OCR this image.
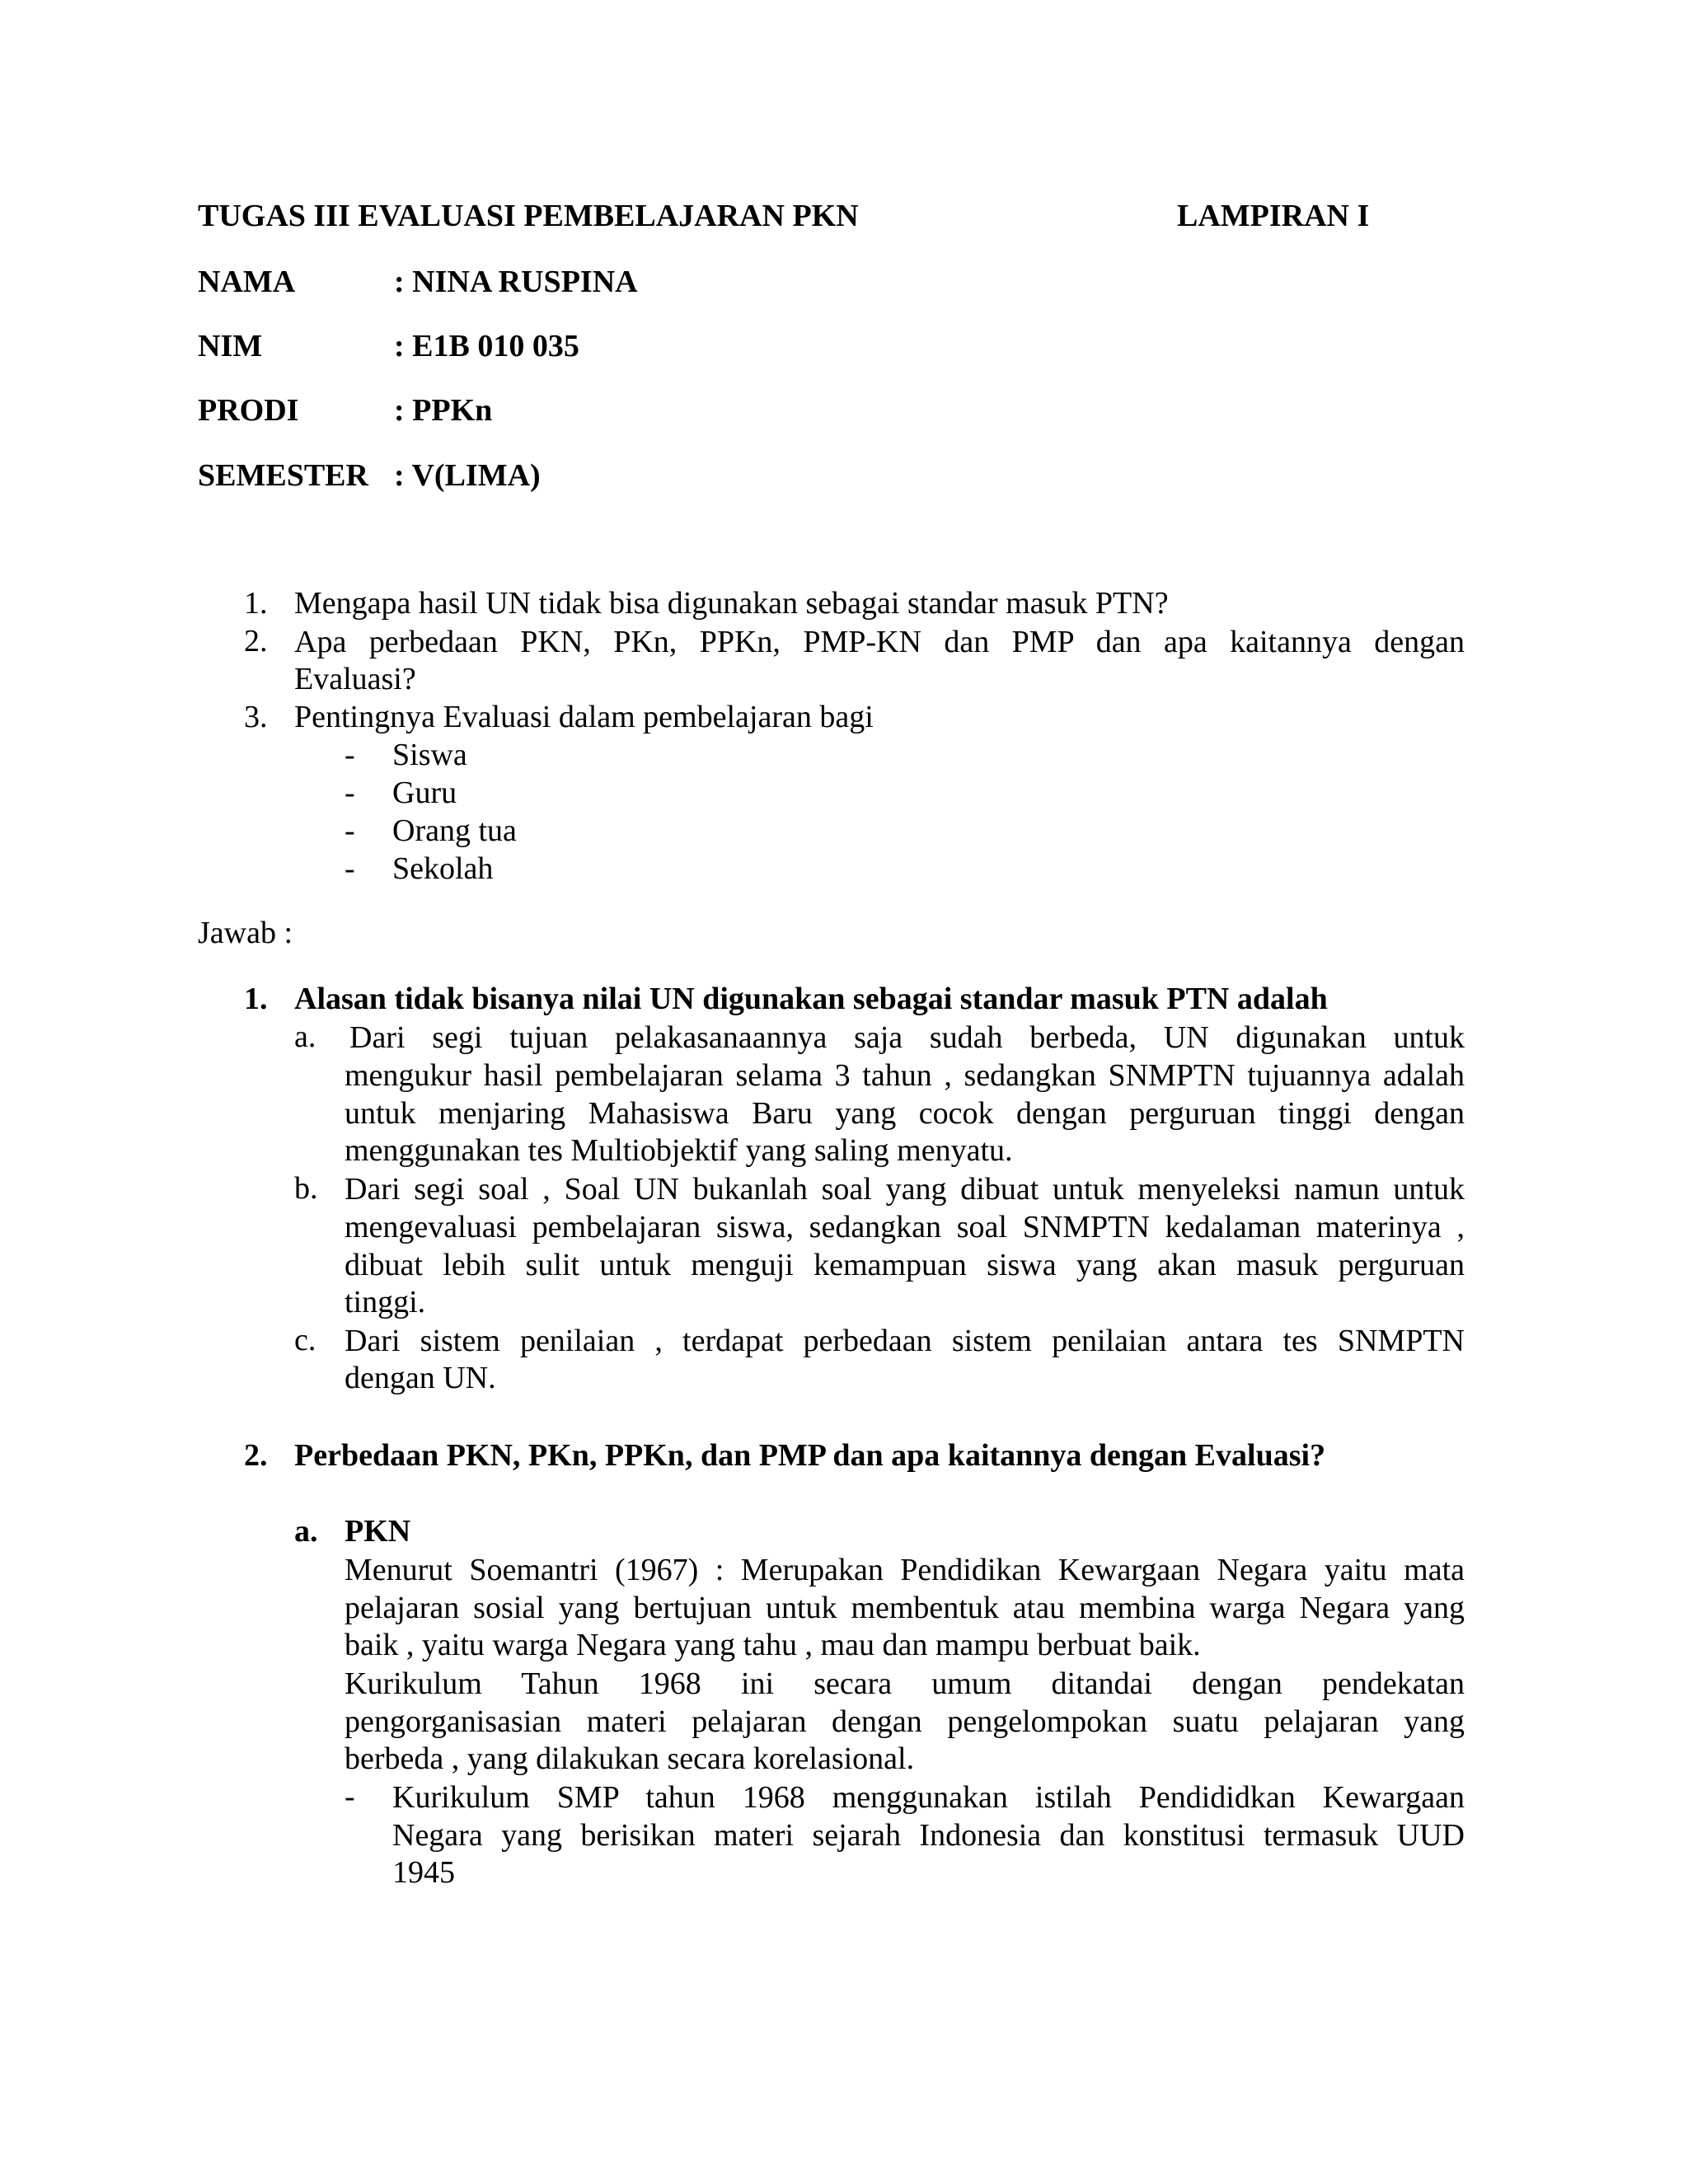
TUGAS III EVALUASI PEMBELAJARAN PKN	LAMPIRAN I
NAMA	: NINA RUSPINA
NIM	: E1B 010 035
PRODI	: PPKn
SEMESTER : V(LIMA)
1. Mengapa hasil UN tidak bisa digunakan sebagai standar masuk PTN?
2. Apa perbedaan PKN, PKn, PPKn, PMP-KN dan PMP dan apa kaitannya dengan
Evaluasi?
3. Pentingnya Evaluasi dalam pembelajaran bagi
- Siswa
- Guru
- Orang tua
- Sekolah
Jawab :
1. Alasan tidak bisanya nilai UN digunakan sebagai standar masuk PTN adalah
a. Dari segi tujuan pelakasanaannya saja sudah berbeda, UN digunakan untuk
mengukur hasil pembelajaran selama 3 tahun , sedangkan SNMPTN tujuannya adalah
untuk menjaring Mahasiswa Baru yang cocok dengan perguruan tinggi dengan
menggunakan tes Multiobjektif yang saling menyatu.
b. Dari segi soal , Soal UN bukanlah soal yang dibuat untuk menyeleksi namun untuk
mengevaluasi pembelajaran siswa, sedangkan soal SNMPTN kedalaman materinya ,
dibuat lebih sulit untuk menguji kemampuan siswa yang akan masuk perguruan
tinggi.
c. Dari sistem penilaian , terdapat perbedaan sistem penilaian antara tes SNMPTN
dengan UN.
2. Perbedaan PKN, PKn, PPKn, dan PMP dan apa kaitannya dengan Evaluasi?
a. PKN
Menurut Soemantri (1967) : Merupakan Pendidikan Kewargaan Negara yaitu mata
pelajaran sosial yang bertujuan untuk membentuk atau membina warga Negara yang
baik , yaitu warga Negara yang tahu , mau dan mampu berbuat baik.
Kurikulum Tahun 1968 ini secara umum ditandai dengan pendekatan
pengorganisasian materi pelajaran dengan pengelompokan suatu pelajaran yang
berbeda , yang dilakukan secara korelasional.
- Kurikulum SMP tahun 1968 menggunakan istilah Pendididkan Kewargaan
Negara yang berisikan materi sejarah Indonesia dan konstitusi termasuk UUD
1945
